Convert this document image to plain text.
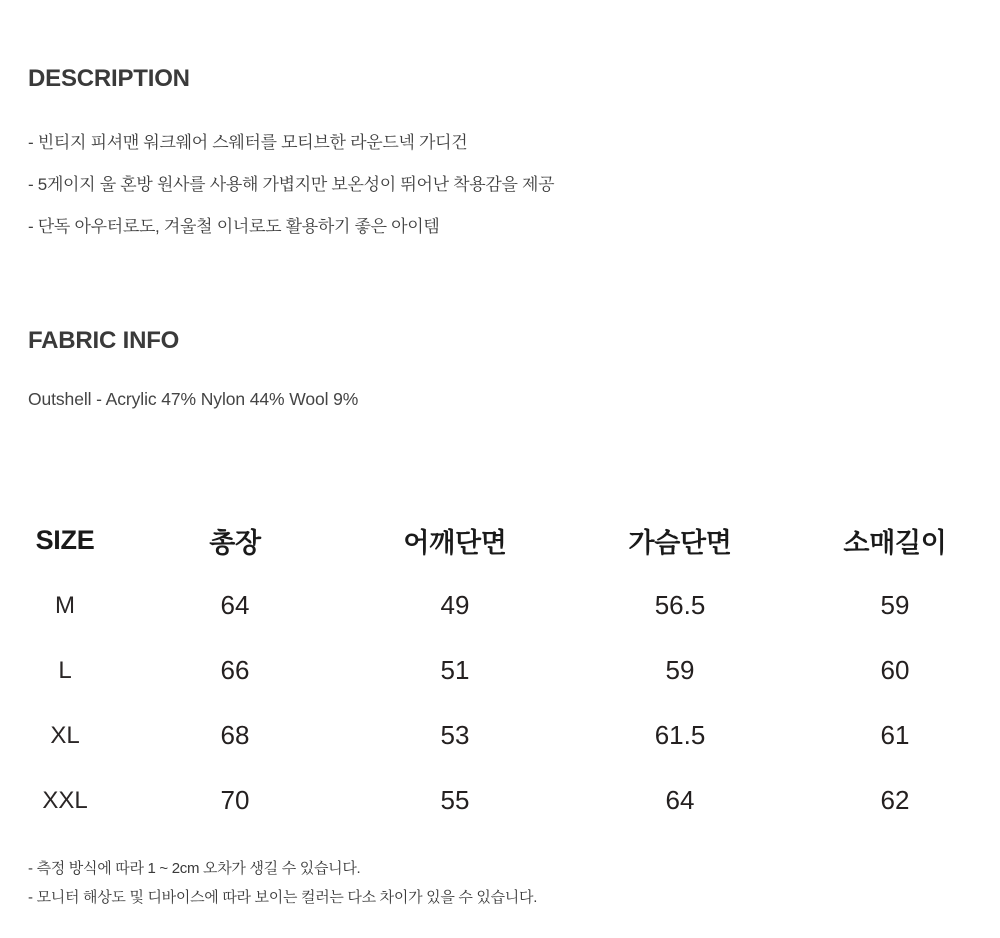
DESCRIPTION

- 빈티지 피셔맨 워크웨어 스웨터를 모티브한 라운드넥 가디건

- 5게이지 울 혼방 원사를 사용해 가볍지만 보온성이 뛰어난 착용감을 제공

- 단독 아우터로도, 겨울철 이너로도 활용하기 좋은 아이템

FABRIC INFO

Outshell - Acrylic 47% Nylon 44% Wool 9%

SIZE	총장	어깨단면	가슴단면	소매길이
M	64	49	56.5	59
L	66	51	59	60
XL	68	53	61.5	61
XXL	70	55	64	62

- 측정 방식에 따라 1 ~ 2cm 오차가 생길 수 있습니다.

- 모니터 해상도 및 디바이스에 따라 보이는 컬러는 다소 차이가 있을 수 있습니다.
